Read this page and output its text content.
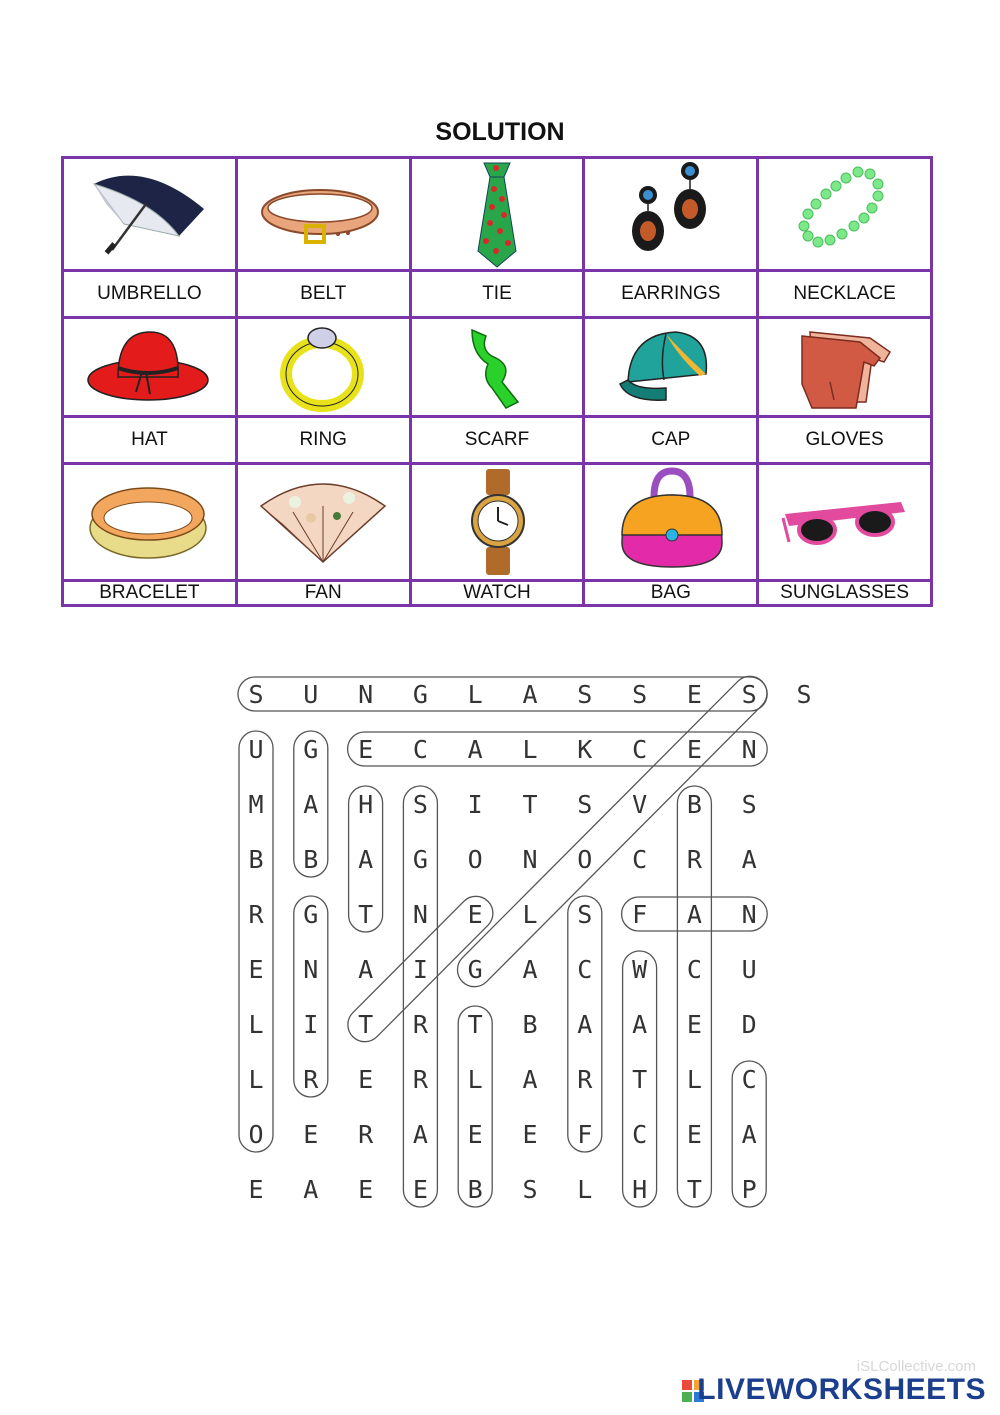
SOLUTION

UMBRELLO	BELT	TIE	EARRINGS	NECKLACE

HAT	RING	SCARF	CAP	GLOVES

BRACELET	FAN	WATCH	BAG	SUNGLASSES
S U N G L A S S E S S
U G E C A L K C E N
M A H S I T S V B S
B B A G O N O C R A
R G T N E L S F A N
E N A I G A C W C U
L I T R T B A A E D
L R E R L A R T L C
O E R A E E F C E A
E A E E B S L H T P
iSLCollective.com
LIVEWORKSHEETS
